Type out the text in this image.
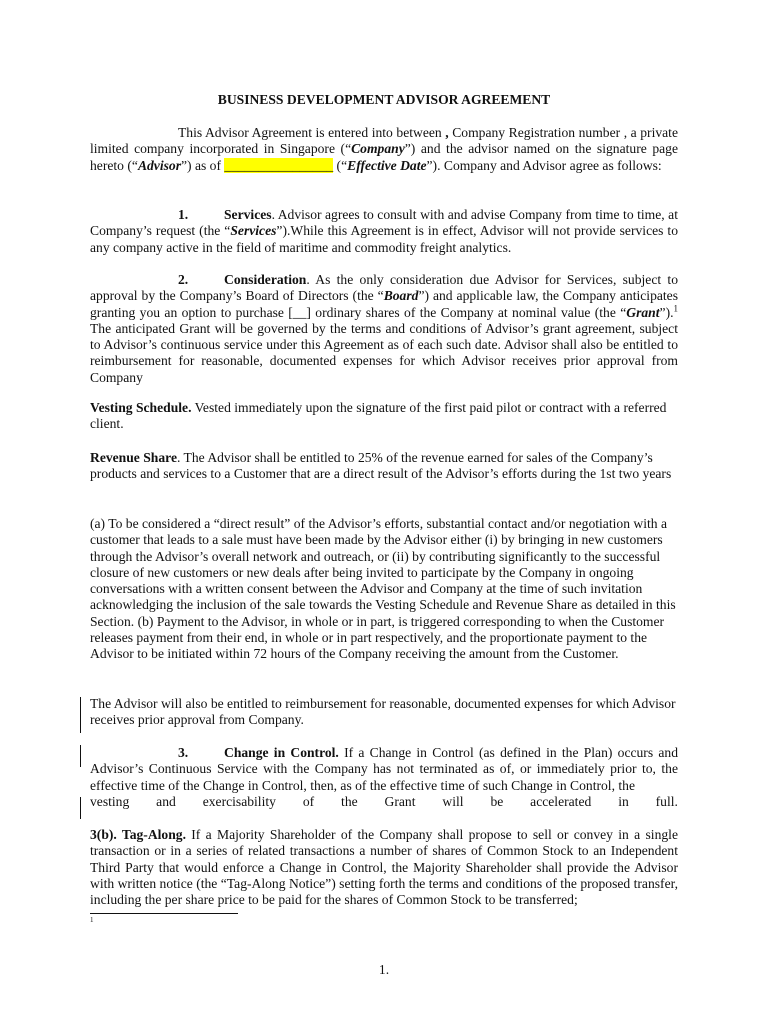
BUSINESS DEVELOPMENT ADVISOR AGREEMENT

This Advisor Agreement is entered into between , Company Registration number , a private limited company incorporated in Singapore (“Company”) and the advisor named on the signature page hereto (“Advisor”) as of ________________ (“Effective Date”). Company and Advisor agree as follows:

1.	Services. Advisor agrees to consult with and advise Company from time to time, at Company’s request (the “Services”).While this Agreement is in effect, Advisor will not provide services to any company active in the field of maritime and commodity freight analytics.

2.	Consideration. As the only consideration due Advisor for Services, subject to approval by the Company’s Board of Directors (the “Board”) and applicable law, the Company anticipates granting you an option to purchase [__] ordinary shares of the Company at nominal value (the “Grant”).$^1$ The anticipated Grant will be governed by the terms and conditions of Advisor’s grant agreement, subject to Advisor’s continuous service under this Agreement as of each such date. Advisor shall also be entitled to reimbursement for reasonable, documented expenses for which Advisor receives prior approval from Company

Vesting Schedule. Vested immediately upon the signature of the first paid pilot or contract with a referred client.

Revenue Share. The Advisor shall be entitled to 25% of the revenue earned for sales of the Company’s products and services to a Customer that are a direct result of the Advisor’s efforts during the 1st two years

(a) To be considered a “direct result” of the Advisor’s efforts, substantial contact and/or negotiation with a customer that leads to a sale must have been made by the Advisor either (i) by bringing in new customers through the Advisor’s overall network and outreach, or (ii) by contributing significantly to the successful closure of new customers or new deals after being invited to participate by the Company in ongoing conversations with a written consent between the Advisor and Company at the time of such invitation acknowledging the inclusion of the sale towards the Vesting Schedule and Revenue Share as detailed in this Section. (b) Payment to the Advisor, in whole or in part, is triggered corresponding to when the Customer releases payment from their end, in whole or in part respectively, and the proportionate payment to the Advisor to be initiated within 72 hours of the Company receiving the amount from the Customer.

The Advisor will also be entitled to reimbursement for reasonable, documented expenses for which Advisor receives prior approval from Company.

3.	Change in Control. If a Change in Control (as defined in the Plan) occurs and Advisor’s Continuous Service with the Company has not terminated as of, or immediately prior to, the effective time of the Change in Control, then, as of the effective time of such Change in Control, the

vesting and exercisability of the Grant will be accelerated in full.

3(b). Tag-Along. If a Majority Shareholder of the Company shall propose to sell or convey in a single transaction or in a series of related transactions a number of shares of Common Stock to an Independent Third Party that would enforce a Change in Control, the Majority Shareholder shall provide the Advisor with written notice (the “Tag-Along Notice”) setting forth the terms and conditions of the proposed transfer, including the per share price to be paid for the shares of Common Stock to be transferred;

1
1.
